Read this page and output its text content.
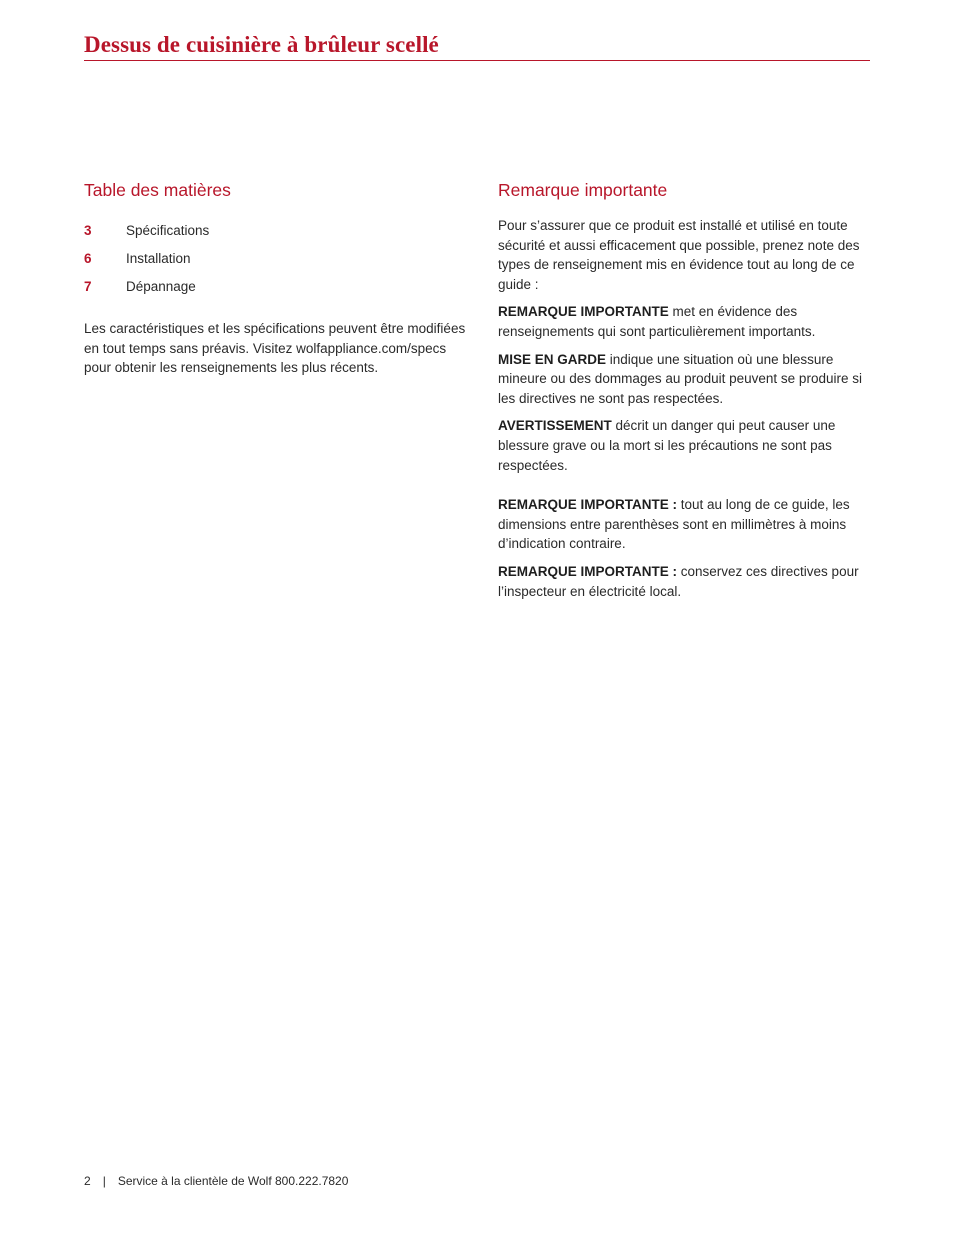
Dessus de cuisinière à brûleur scellé
Table des matières
3	Spécifications
6	Installation
7	Dépannage

Les caractéristiques et les spécifications peuvent être modifiées en tout temps sans préavis. Visitez wolfappliance.com/specs pour obtenir les renseignements les plus récents.

Remarque importante

Pour s’assurer que ce produit est installé et utilisé en toute sécurité et aussi efficacement que possible, prenez note des types de renseignement mis en évidence tout au long de ce guide :

REMARQUE IMPORTANTE met en évidence des renseignements qui sont particulièrement importants.

MISE EN GARDE indique une situation où une blessure mineure ou des dommages au produit peuvent se produire si les directives ne sont pas respectées.

AVERTISSEMENT décrit un danger qui peut causer une blessure grave ou la mort si les précautions ne sont pas respectées.

REMARQUE IMPORTANTE : tout au long de ce guide, les dimensions entre parenthèses sont en millimètres à moins d’indication contraire.

REMARQUE IMPORTANTE : conservez ces directives pour l’inspecteur en électricité local.

2 | Service à la clientèle de Wolf 800.222.7820
